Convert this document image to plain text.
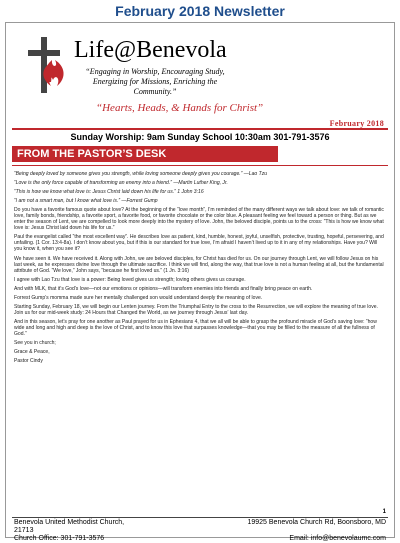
February 2018 Newsletter
Life@Benevola
“Engaging in Worship, Encouraging Study, Energizing for Missions, Enriching the Community.”
“Hearts, Heads, & Hands for Christ”
February 2018
Sunday Worship: 9am Sunday School 10:30am 301-791-3576
FROM THE PASTOR’S DESK

“Being deeply loved by someone gives you strength, while loving someone deeply gives you courage.” —Lao Tzu

“Love is the only force capable of transforming an enemy into a friend.” —Martin Luther King, Jr.

“This is how we know what love is: Jesus Christ laid down his life for us.” 1 John 3:16

“I am not a smart man, but I know what love is.” —Forrest Gump

Do you have a favorite famous quote about love? At the beginning of the “love month”, I’m reminded of the many different ways we talk about love: we talk of romantic love, family bonds, friendship, a favorite sport, a favorite food, or favorite chocolate or the color blue. A pleasant feeling we feel toward a person or thing. But as we enter the season of Lent, we are compelled to look more deeply into the mystery of love. John, the beloved disciple, points us to the cross: “This is how we know what love is: Jesus Christ laid down his life for us.”

Paul the evangelist called “the most excellent way”. He describes love as patient, kind, humble, honest, joyful, unselfish, protective, trusting, hopeful, persevering, and unfailing. (1 Cor. 13:4-8a). I don’t know about you, but if this is our standard for true love, I’m afraid I haven’t lived up to it in any of my relationships. Have you? Will you know it, when you see it?

We have seen it. We have received it. Along with John, we are beloved disciples, for Christ has died for us. On our journey through Lent, we will follow Jesus on his last week, as he expresses divine love through the ultimate sacrifice. I think we will find, along the way, that true love is not a human feeling at all, but the fundamental attribute of God. “We love,” John says, “because he first loved us.” (1 Jn. 3:16)

I agree with Lao Tzu that love is a power: Being loved gives us strength; loving others gives us courage.

And with MLK, that it’s God’s love—not our emotions or opinions—will transform enemies into friends and finally bring peace on earth.

Forrest Gump’s momma made sure her mentally challenged son would understand deeply the meaning of love.

Starting Sunday, February 18, we will begin our Lenten journey. From the Triumphal Entry to the cross to the Resurrection, we will explore the meaning of true love. Join us for our mid-week study: 24 Hours that Changed the World, as we journey through Jesus’ last day.

And in this season, let’s pray for one another as Paul prayed for us in Ephesians 4, that we all will be able to grasp the profound miracle of God’s saving love: “how wide and long and high and deep is the love of Christ, and to know this love that surpasses knowledge—that you may be filled to the measure of all the fullness of God.”

See you in church;

Grace & Peace,

Pastor Cindy

1
Benevola United Methodist Church,
21713
Church Office: 301-791-3576
19925 Benevola Church Rd, Boonsboro, MD
Email: info@benevolaumc.com
